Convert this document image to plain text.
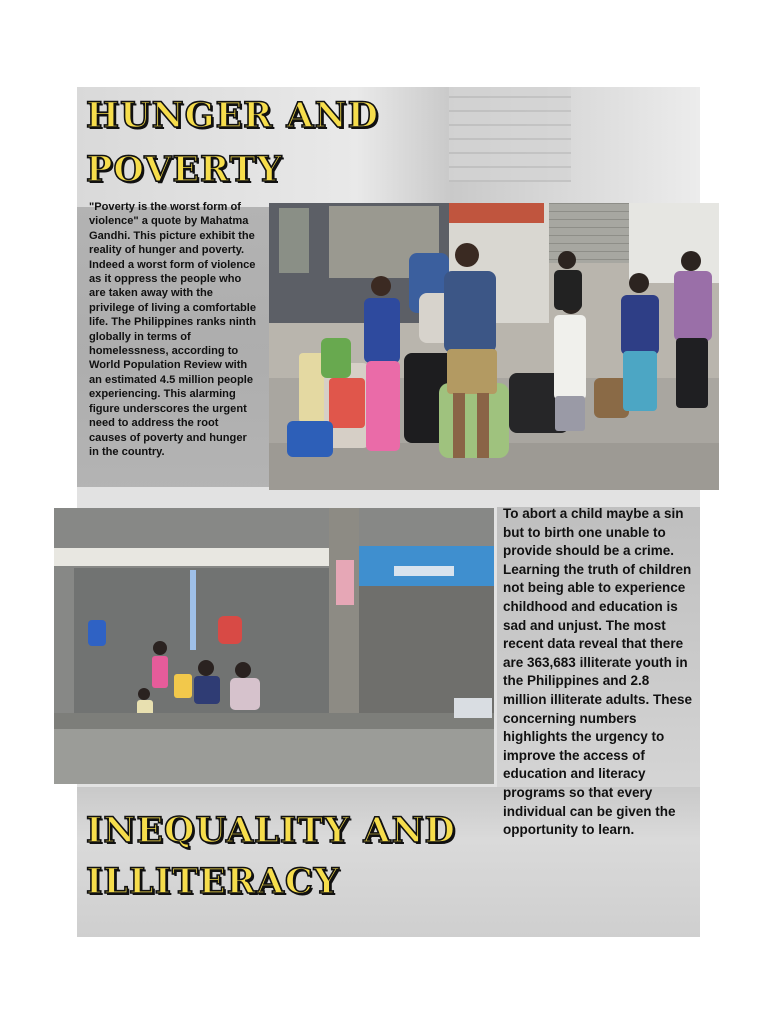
HUNGER AND
POVERTY

"Poverty is the worst form of violence" a quote by Mahatma Gandhi. This picture exhibit the reality of hunger and poverty. Indeed a worst form of violence as it oppress the people who are taken away with the privilege of living a comfortable life. The Philippines ranks ninth globally in terms of homelessness, according to World Population Review with an estimated 4.5 million people experiencing. This alarming figure underscores the urgent need to address the root causes of poverty and hunger in the country.

INEQUALITY AND
ILLITERACY

To abort a child maybe a sin but to birth one unable to provide should be a crime. Learning the truth of children not being able to experience childhood and education is sad and unjust. The most recent data reveal that there are 363,683 illiterate youth in the Philippines and 2.8 million illiterate adults. These concerning numbers highlights the urgency to improve the access of education and literacy programs so that every individual can be given the opportunity to learn.
